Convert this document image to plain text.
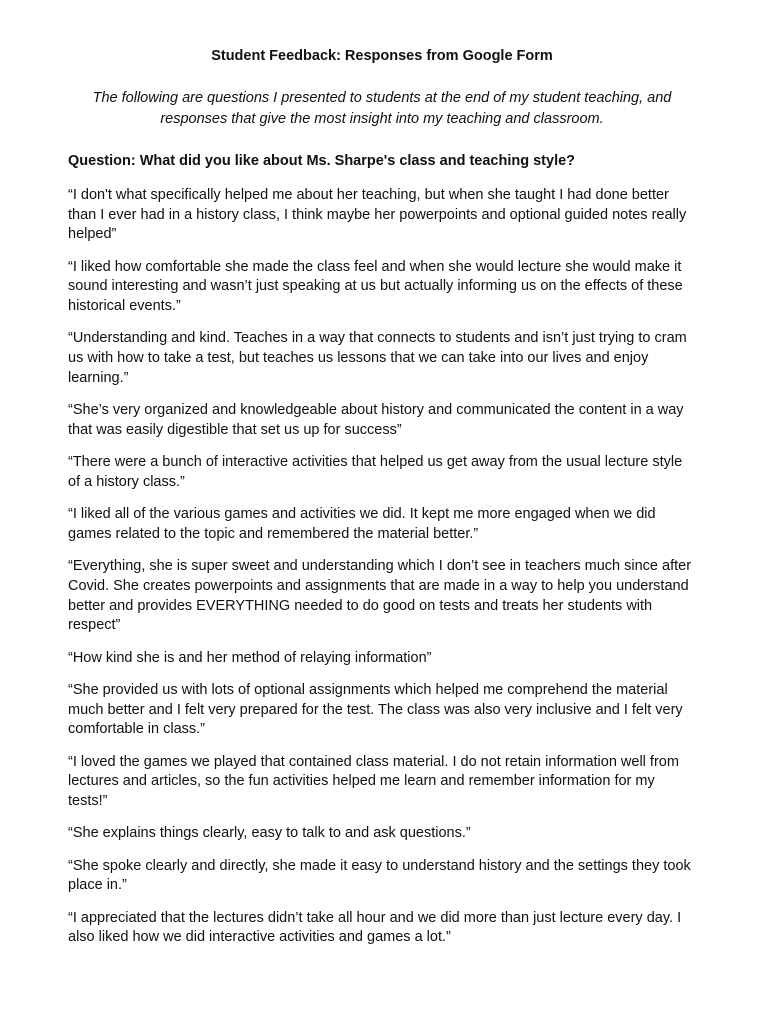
Student Feedback: Responses from Google Form

The following are questions I presented to students at the end of my student teaching, and responses that give the most insight into my teaching and classroom.

Question: What did you like about Ms. Sharpe's class and teaching style?

“I don't what specifically helped me about her teaching, but when she taught I had done better than I ever had in a history class, I think maybe her powerpoints and optional guided notes really helped”

“I liked how comfortable she made the class feel and when she would lecture she would make it sound interesting and wasn’t just speaking at us but actually informing us on the effects of these historical events.”

“Understanding and kind. Teaches in a way that connects to students and isn’t just trying to cram us with how to take a test, but teaches us lessons that we can take into our lives and enjoy learning.”

“She’s very organized and knowledgeable about history and communicated the content in a way that was easily digestible that set us up for success”

“There were a bunch of interactive activities that helped us get away from the usual lecture style of a history class.”

“I liked all of the various games and activities we did. It kept me more engaged when we did games related to the topic and remembered the material better.”

“Everything, she is super sweet and understanding which I don’t see in teachers much since after Covid. She creates powerpoints and assignments that are made in a way to help you understand better and provides EVERYTHING needed to do good on tests and treats her students with respect”

“How kind she is and her method of relaying information”

“She provided us with lots of optional assignments which helped me comprehend the material much better and I felt very prepared for the test. The class was also very inclusive and I felt very comfortable in class.”

“I loved the games we played that contained class material. I do not retain information well from lectures and articles, so the fun activities helped me learn and remember information for my tests!”

“She explains things clearly, easy to talk to and ask questions.”

“She spoke clearly and directly, she made it easy to understand history and the settings they took place in.”

“I appreciated that the lectures didn’t take all hour and we did more than just lecture every day. I also liked how we did interactive activities and games a lot.”
